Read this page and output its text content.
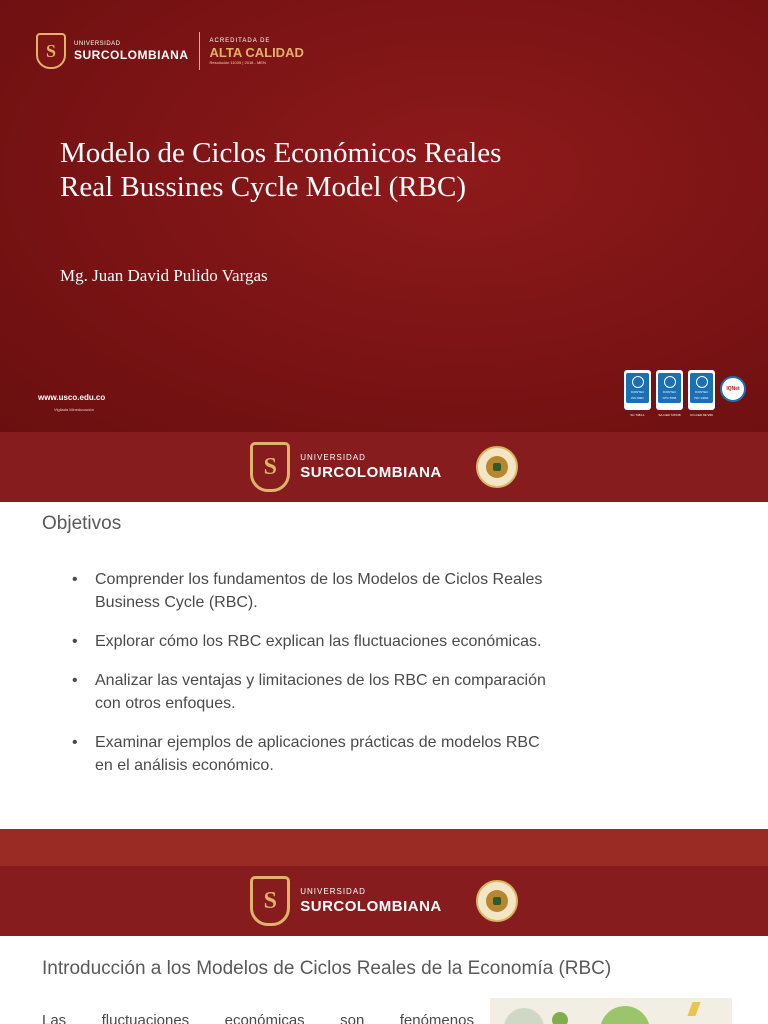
S	UNIVERSIDAD
SURCOLOMBIANA
ACREDITADA DE
ALTA CALIDAD
Resolución 11035 | 2018 - MEN
Modelo de Ciclos Económicos Reales
Real Bussines Cycle Model (RBC)
Mg. Juan David Pulido Vargas
www.usco.edu.co
Vigilada Mineducación
ICONTEC
ISO 9001
SC 7384-1
ICONTEC
NTC 5555
SA-CER 729728
ICONTEC
ISO 14001
CO-CER 697239
IQNet
S	UNIVERSIDAD
SURCOLOMBIANA
Objetivos
• Comprender los fundamentos de los Modelos de Ciclos Reales
Business Cycle (RBC).
• Explorar cómo los RBC explican las fluctuaciones económicas.
• Analizar las ventajas y limitaciones de los RBC en comparación
con otros enfoques.
• Examinar ejemplos de aplicaciones prácticas de modelos RBC
en el análisis económico.
S	UNIVERSIDAD
SURCOLOMBIANA
Introducción a los Modelos de Ciclos Reales de la Economía (RBC)
Las fluctuaciones económicas son fenómenos
